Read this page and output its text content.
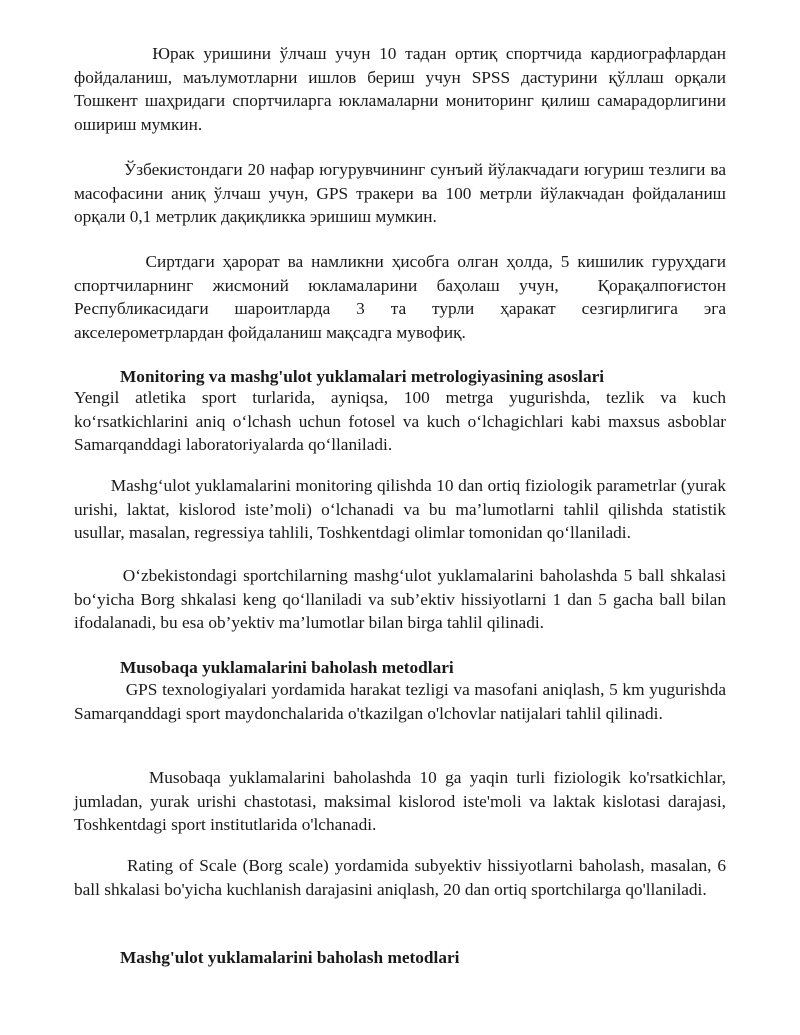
Юрак уришини ўлчаш учун 10 тадан ортиқ спортчида кардиографлардан фойдаланиш, маълумотларни ишлов бериш учун SPSS дастурини қўллаш орқали Тошкент шаҳридаги спортчиларга юкламаларни мониторинг қилиш самарадорлигини ошириш мумкин.

Ўзбекистондаги 20 нафар югурувчининг сунъий йўлакчадаги югуриш тезлиги ва масофасини аниқ ўлчаш учун, GPS тракери ва 100 метрли йўлакчадан фойдаланиш орқали 0,1 метрлик дақиқликка эришиш мумкин.

Сиртдаги ҳарорат ва намликни ҳисобга олган ҳолда, 5 кишилик гуруҳдаги спортчиларнинг жисмоний юкламаларини баҳолаш учун,  Қорақалпоғистон Республикасидаги шароитларда 3 та турли ҳаракат сезгирлигига эга акселерометрлардан фойдаланиш мақсадга мувофиқ.

Monitoring va mashg'ulot yuklamalari metrologiyasining asoslari

Yengil atletika sport turlarida, ayniqsa, 100 metrga yugurishda, tezlik va kuch ko‘rsatkichlarini aniq o‘lchash uchun fotosel va kuch o‘lchagichlari kabi maxsus asboblar Samarqanddagi laboratoriyalarda qo‘llaniladi.

Mashg‘ulot yuklamalarini monitoring qilishda 10 dan ortiq fiziologik parametrlar (yurak urishi, laktat, kislorod iste’moli) o‘lchanadi va bu ma’lumotlarni tahlil qilishda statistik usullar, masalan, regressiya tahlili, Toshkentdagi olimlar tomonidan qo‘llaniladi.

O‘zbekistondagi sportchilarning mashg‘ulot yuklamalarini baholashda 5 ball shkalasi bo‘yicha Borg shkalasi keng qo‘llaniladi va sub’ektiv hissiyotlarni 1 dan 5 gacha ball bilan ifodalanadi, bu esa ob’yektiv ma’lumotlar bilan birga tahlil qilinadi.

Musobaqa yuklamalarini baholash metodlari

GPS texnologiyalari yordamida harakat tezligi va masofani aniqlash, 5 km yugurishda  Samarqanddagi sport maydonchalarida o'tkazilgan o'lchovlar natijalari tahlil qilinadi.

Musobaqa yuklamalarini baholashda 10 ga yaqin turli fiziologik ko'rsatkichlar, jumladan, yurak urishi chastotasi, maksimal kislorod iste'moli va laktak kislotasi darajasi, Toshkentdagi sport institutlarida o'lchanadi.

Rating of Scale (Borg scale) yordamida subyektiv hissiyotlarni baholash, masalan, 6 ball shkalasi bo'yicha kuchlanish darajasini aniqlash, 20 dan ortiq sportchilarga qo'llaniladi.

Mashg'ulot yuklamalarini baholash metodlari
